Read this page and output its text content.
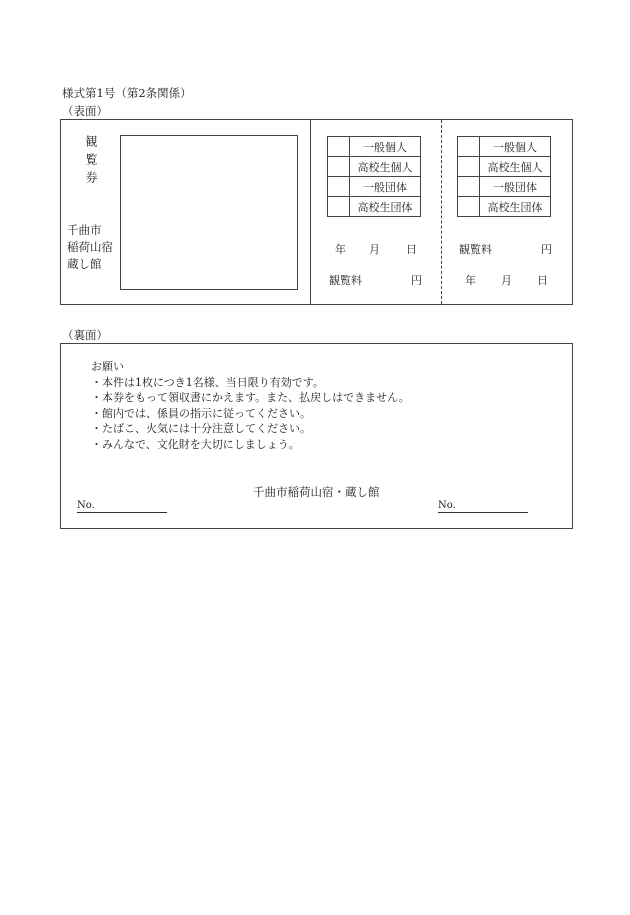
様式第1号（第2条関係）
（表面）
観覧券
千曲市
稲荷山宿
蔵し館
	一般個人
	高校生個人
	一般団体
	高校生団体
年 月 日
観覧料	円
	一般個人
	高校生個人
	一般団体
	高校生団体
観覧料	円
年 月 日
（裏面）
お願い
・本件は1枚につき1名様、当日限り有効です。
・本券をもって領収書にかえます。また、払戻しはできません。
・館内では、係員の指示に従ってください。
・たばこ、火気には十分注意してください。
・みんなで、文化財を大切にしましょう。
千曲市稲荷山宿・蔵し館
No.	No.
